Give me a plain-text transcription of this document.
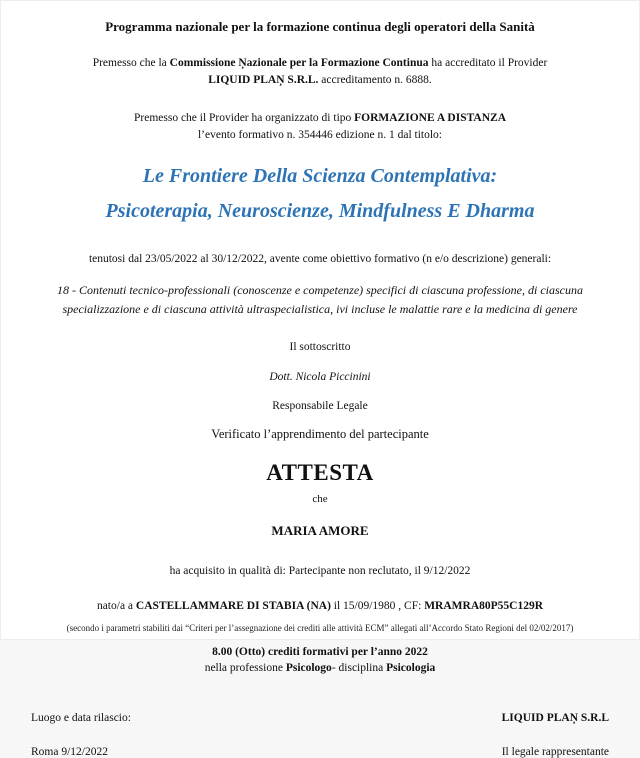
Programma nazionale per la formazione continua degli operatori della Sanità

Premesso che la Commissione Ņazionale per la Formazione Continua ha accreditato il Provider

LIQUID PLAŅ S.R.L. accreditamento n. 6888.

Premesso che il Provider ha organizzato di tipo FORMAZIONE A DISTANZA

l’evento formativo n. 354446 edizione n. 1 dal titolo:

Le Frontiere Della Scienza Contemplativa:
Psicoterapia, Neuroscienze, Mindfulness E Dharma

tenutosi dal 23/05/2022 al 30/12/2022, avente come obiettivo formativo (n e/o descrizione) generali:

18 - Contenuti tecnico-professionali (conoscenze e competenze) specifici di ciascuna professione, di ciascuna specializzazione e di ciascuna attività ultraspecialistica, ivi incluse le malattie rare e la medicina di genere

Il sottoscritto

Dott. Nicola Piccinini

Responsabile Legale

Verificato l’apprendimento del partecipante

ATTESTA

che

MARIA AMORE

ha acquisito in qualità di: Partecipante non reclutato, il 9/12/2022

nato/a a CASTELLAMMARE DI STABIA (NA) il 15/09/1980 , CF: MRAMRA80P55C129R

(secondo i parametri stabiliti dai “Criteri per l’assegnazione dei crediti alle attività ECM” allegati all’Accordo Stato Regioni del 02/02/2017)

8.00 (Otto) crediti formativi per l’anno 2022

nella professione Psicologo- disciplina Psicologia

Luogo e data rilascio:
Roma 9/12/2022
LIQUID PLAŅ S.R.L
Il legale rappresentante
